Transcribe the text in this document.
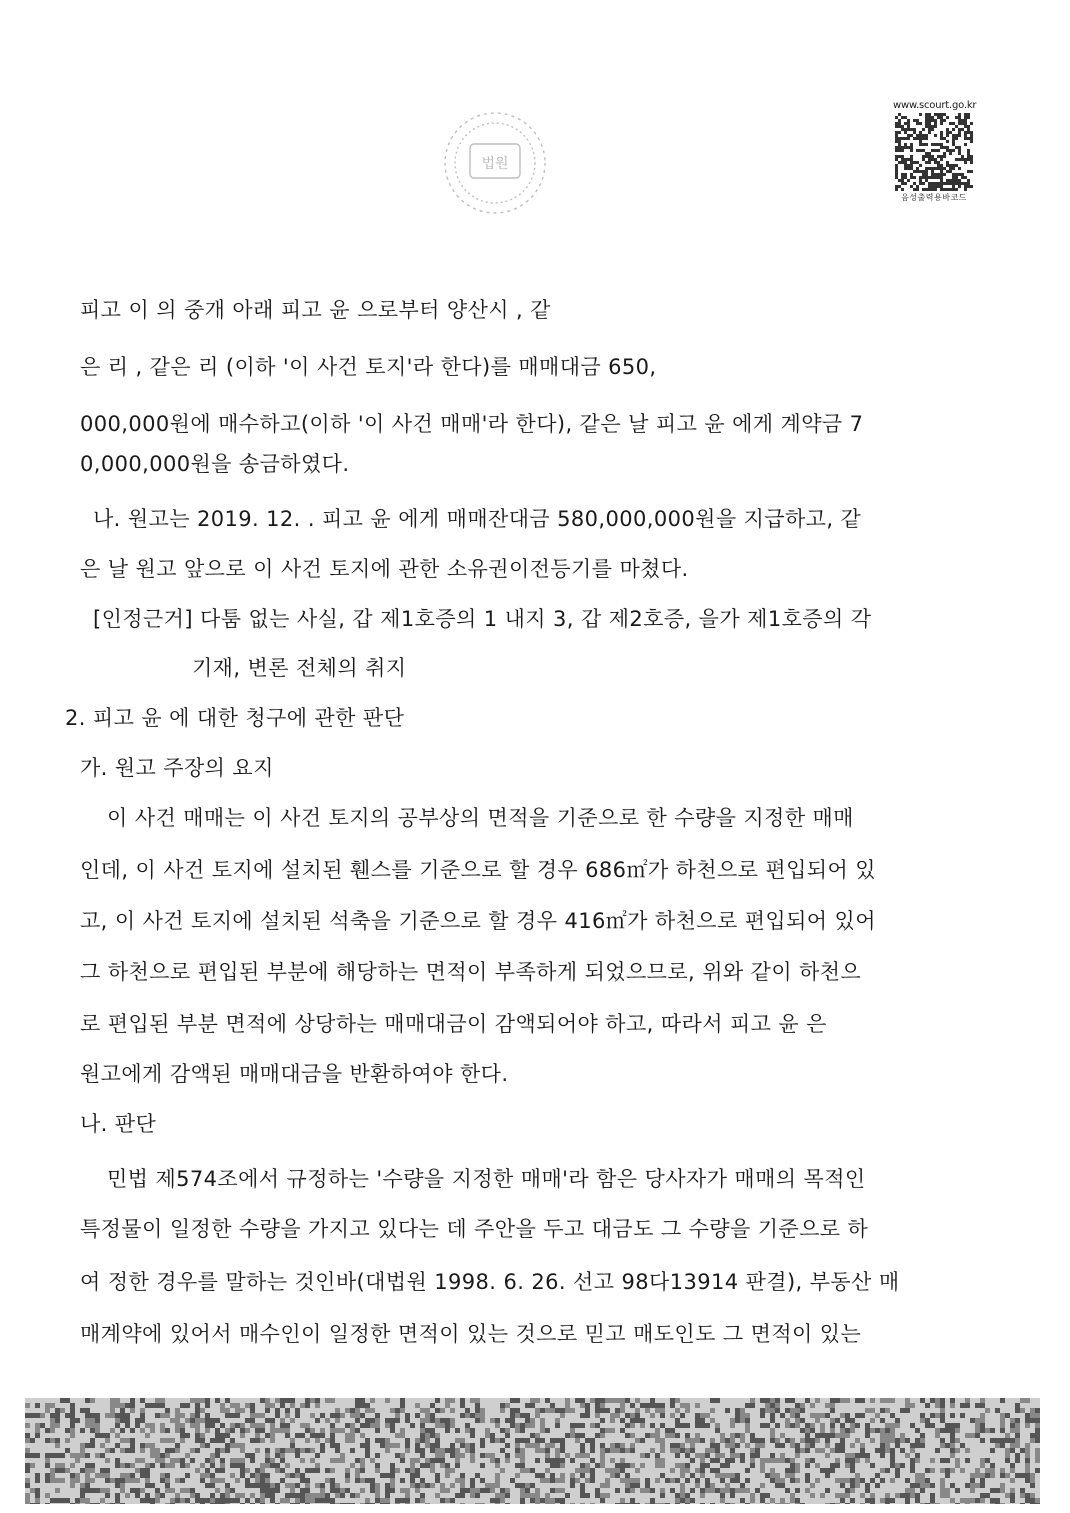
법원
www.scourt.go.kr
음성출력용바코드
피고 이 의 중개 아래 피고 윤 으로부터 양산시 , 같
은 리 , 같은 리 (이하 '이 사건 토지'라 한다)를 매매대금 650,
000,000원에 매수하고(이하 '이 사건 매매'라 한다), 같은 날 피고 윤 에게 계약금 7
0,000,000원을 송금하였다.
나. 원고는 2019. 12. . 피고 윤 에게 매매잔대금 580,000,000원을 지급하고, 같
은 날 원고 앞으로 이 사건 토지에 관한 소유권이전등기를 마쳤다.
[인정근거] 다툼 없는 사실, 갑 제1호증의 1 내지 3, 갑 제2호증, 을가 제1호증의 각
기재, 변론 전체의 취지
2. 피고 윤 에 대한 청구에 관한 판단
가. 원고 주장의 요지
이 사건 매매는 이 사건 토지의 공부상의 면적을 기준으로 한 수량을 지정한 매매
인데, 이 사건 토지에 설치된 휀스를 기준으로 할 경우 686㎡가 하천으로 편입되어 있
고, 이 사건 토지에 설치된 석축을 기준으로 할 경우 416㎡가 하천으로 편입되어 있어
그 하천으로 편입된 부분에 해당하는 면적이 부족하게 되었으므로, 위와 같이 하천으
로 편입된 부분 면적에 상당하는 매매대금이 감액되어야 하고, 따라서 피고 윤 은
원고에게 감액된 매매대금을 반환하여야 한다.
나. 판단
민법 제574조에서 규정하는 '수량을 지정한 매매'라 함은 당사자가 매매의 목적인
특정물이 일정한 수량을 가지고 있다는 데 주안을 두고 대금도 그 수량을 기준으로 하
여 정한 경우를 말하는 것인바(대법원 1998. 6. 26. 선고 98다13914 판결), 부동산 매
매계약에 있어서 매수인이 일정한 면적이 있는 것으로 믿고 매도인도 그 면적이 있는
